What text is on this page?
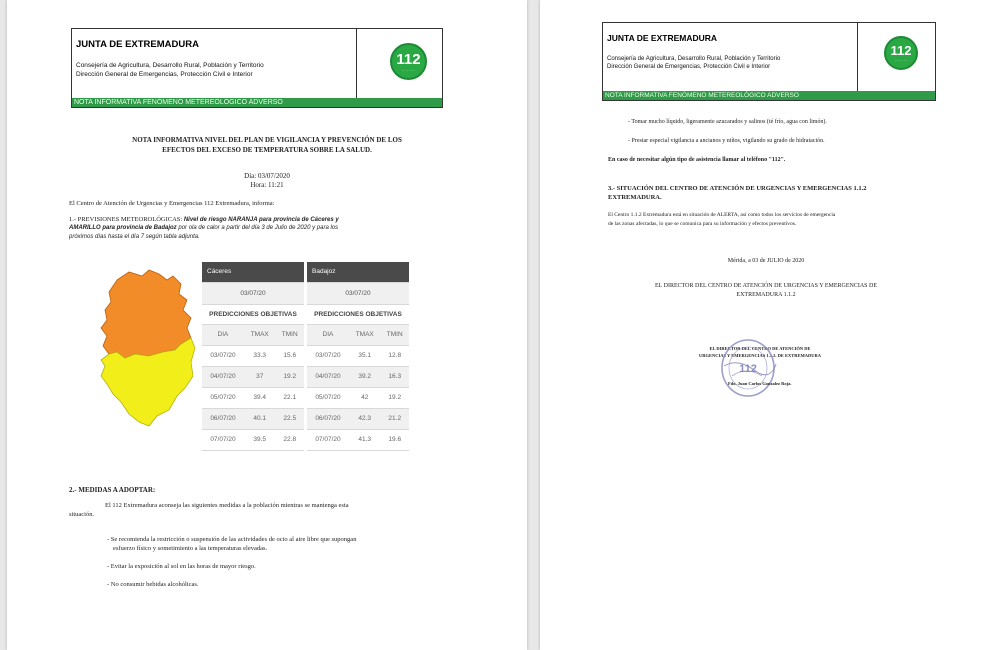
JUNTA DE EXTREMADURA
Consejería de Agricultura, Desarrollo Rural, Población y Territorio
Dirección General de Emergencias, Protección Civil e Interior
112
· · · · · ·
NOTA INFORMATIVA FENÓMENO METEREOLÓGICO ADVERSO
NOTA INFORMATIVA NIVEL DEL PLAN DE VIGILANCIA Y PREVENCIÓN DE LOS
EFECTOS DEL EXCESO DE TEMPERATURA SOBRE LA SALUD.
Día: 03/07/2020
Hora: 11:21
El Centro de Atención de Urgencias y Emergencias 112 Extremadura, informa:
1.- PREVISIONES METEOROLÓGICAS: Nivel de riesgo NARANJA para provincia de Cáceres y
AMARILLO para provincia de Badajoz por ola de calor a partir del día 3 de Julio de 2020 y para los
próximos días hasta el día 7 según tabla adjunta.
Cáceres		
03/07/20		
PREDICCIONES OBJETIVAS		
DIA	TMAX	TMIN
03/07/20	33.3	15.6
04/07/20	37	19.2
05/07/20	39.4	22.1
06/07/20	40.1	22.5
07/07/20	39.5	22.8
Badajoz		
03/07/20		
PREDICCIONES OBJETIVAS		
DIA	TMAX	TMIN
03/07/20	35.1	12.8
04/07/20	39.2	16.3
05/07/20	42	19.2
06/07/20	42.3	21.2
07/07/20	41.3	19.6
2.- MEDIDAS A ADOPTAR:
El 112 Extremadura aconseja las siguientes medidas a la población mientras se mantenga esta
situación.
- Se recomienda la restricción o suspensión de las actividades de ocio al aire libre que supongan
esfuerzo físico y sometimiento a las temperaturas elevadas.
- Evitar la exposición al sol en las horas de mayor riesgo.
- No consumir bebidas alcohólicas.
JUNTA DE EXTREMADURA
Consejería de Agricultura, Desarrollo Rural, Población y Territorio
Dirección General de Emergencias, Protección Civil e Interior
112
· · · · · ·
NOTA INFORMATIVA FENÓMENO METEREOLÓGICO ADVERSO
- Tomar mucho líquido, ligeramente azucarados y salinos (té frío, agua con limón).
- Prestar especial vigilancia a ancianos y niños, vigilando su grado de hidratación.
En caso de necesitar algún tipo de asistencia llamar al teléfono "112".
3.- SITUACIÓN DEL CENTRO DE ATENCIÓN DE URGENCIAS Y EMERGENCIAS 1.1.2
EXTREMADURA.
El Centro 1.1.2 Extremadura está en situación de ALERTA, así como todos los servicios de emergencia
de las zonas afectadas, lo que se comunica para su información y efectos preventivos.
Mérida, a 03 de JULIO de 2020
EL DIRECTOR DEL CENTRO DE ATENCIÓN DE URGENCIAS Y EMERGENCIAS DE
EXTREMADURA 1.1.2
EL DIRECTOR DEL CENTRO DE ATENCIÓN DE
URGENCIAS Y EMERGENCIAS 1.1.2. DE EXTREMADURA
112
Fdo. Juan Carlos Gonzalez Roja.
